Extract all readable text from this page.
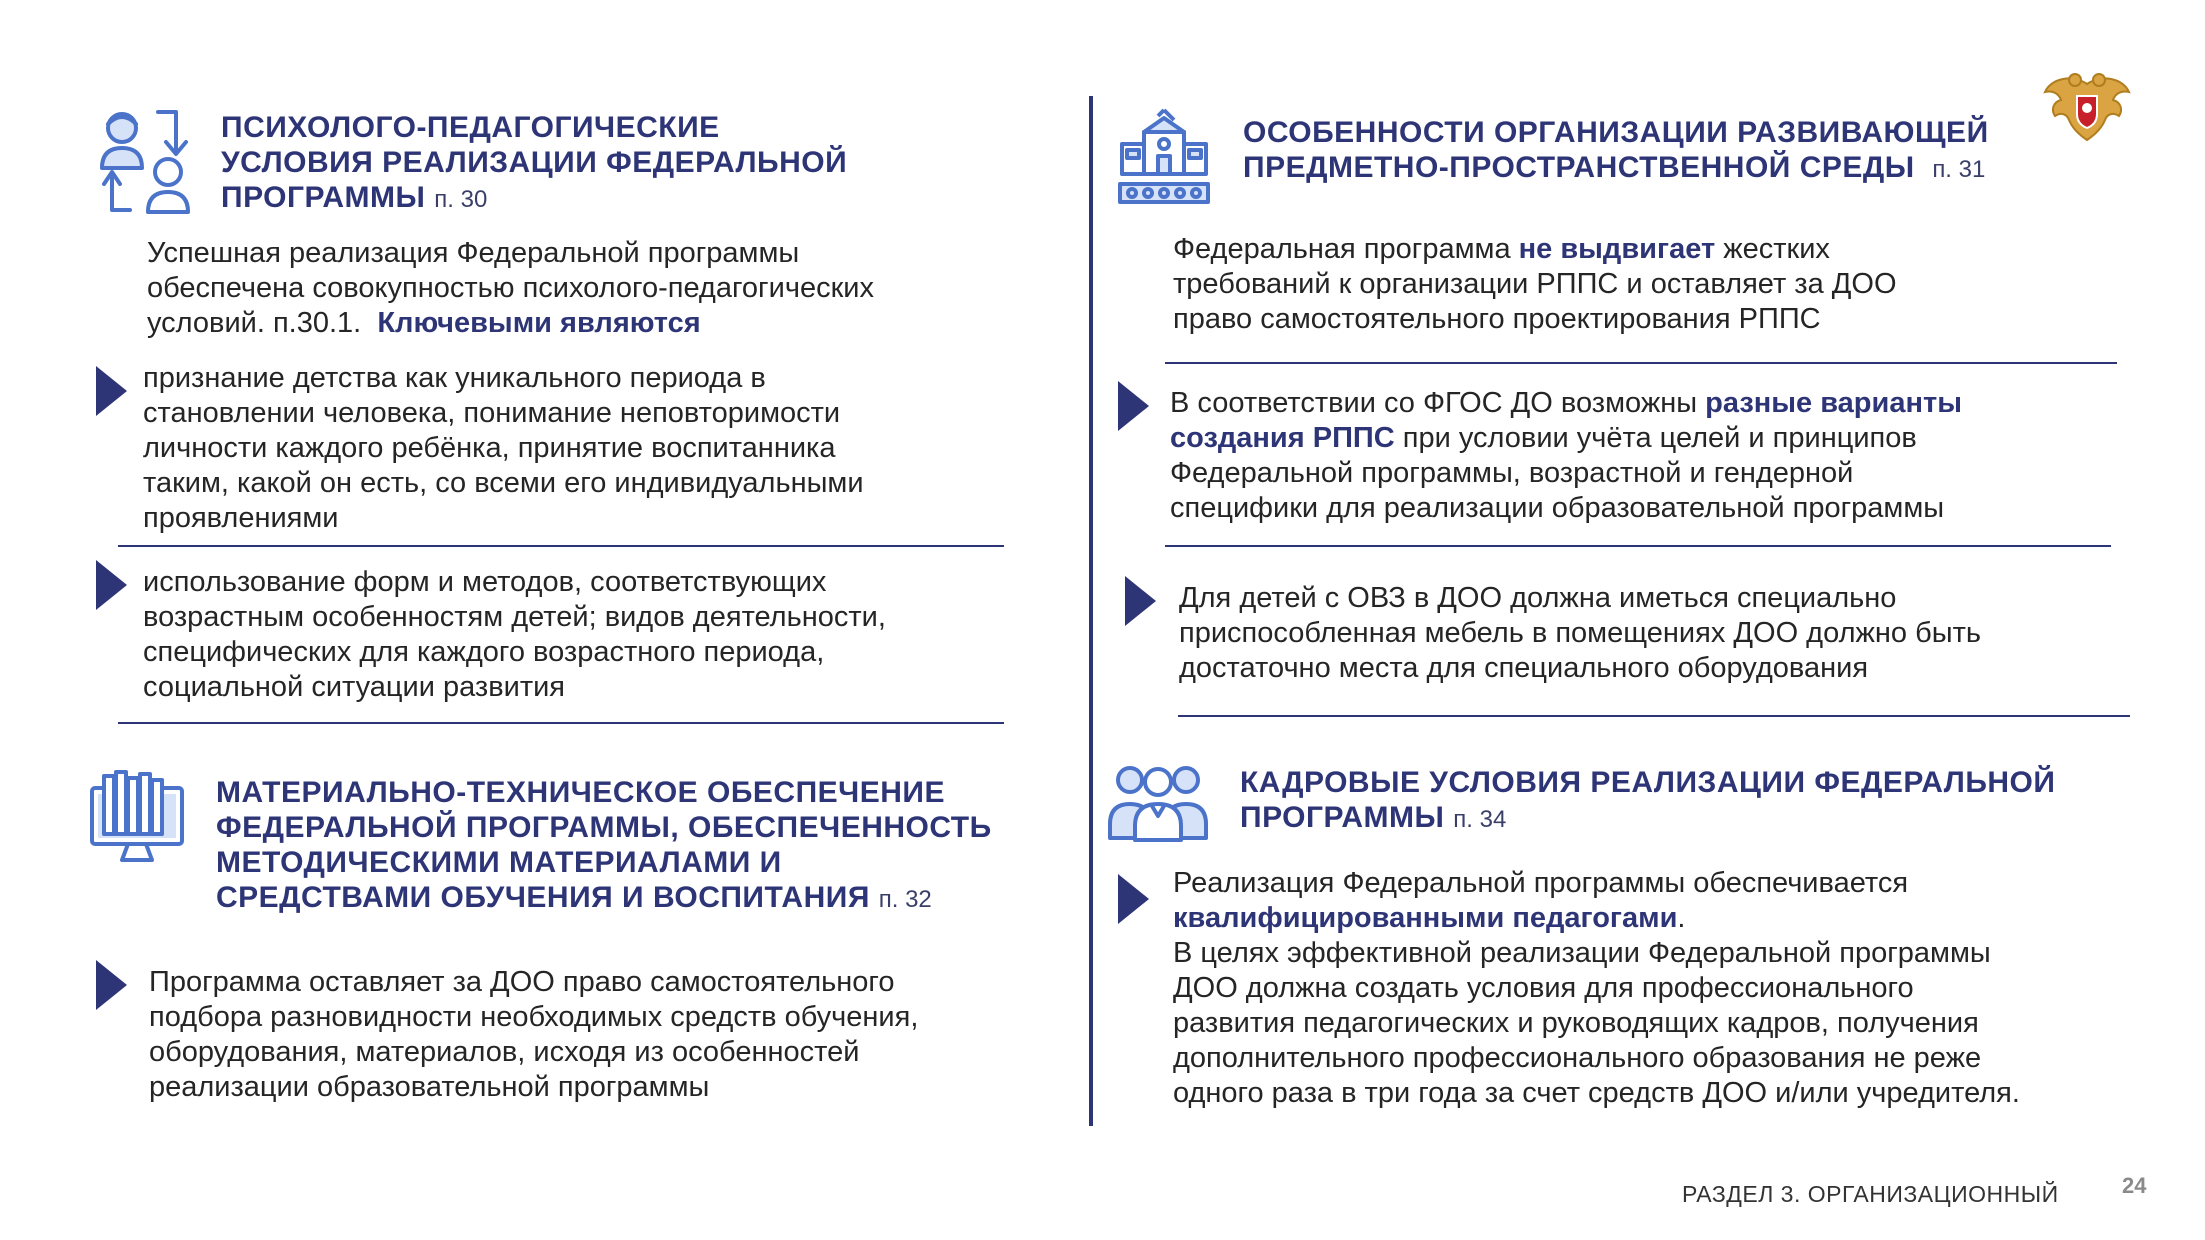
ПСИХОЛОГО-ПЕДАГОГИЧЕСКИЕ
УСЛОВИЯ РЕАЛИЗАЦИИ ФЕДЕРАЛЬНОЙ
ПРОГРАММЫ п. 30

Успешная реализация Федеральной программы
обеспечена совокупностью психолого-педагогических
условий. п.30.1. Ключевыми являются

признание детства как уникального периода в
становлении человека, понимание неповторимости
личности каждого ребёнка, принятие воспитанника
таким, какой он есть, со всеми его индивидуальными
проявлениями

использование форм и методов, соответствующих
возрастным особенностям детей; видов деятельности,
специфических для каждого возрастного периода,
социальной ситуации развития

МАТЕРИАЛЬНО-ТЕХНИЧЕСКОЕ ОБЕСПЕЧЕНИЕ
ФЕДЕРАЛЬНОЙ ПРОГРАММЫ, ОБЕСПЕЧЕННОСТЬ
МЕТОДИЧЕСКИМИ МАТЕРИАЛАМИ И
СРЕДСТВАМИ ОБУЧЕНИЯ И ВОСПИТАНИЯ п. 32

Программа оставляет за ДОО право самостоятельного
подбора разновидности необходимых средств обучения,
оборудования, материалов, исходя из особенностей
реализации образовательной программы

ОСОБЕННОСТИ ОРГАНИЗАЦИИ РАЗВИВАЮЩЕЙ
ПРЕДМЕТНО-ПРОСТРАНСТВЕННОЙ СРЕДЫ п. 31

Федеральная программа не выдвигает жестких
требований к организации РППС и оставляет за ДОО
право самостоятельного проектирования РППС

В соответствии со ФГОС ДО возможны разные варианты
создания РППС при условии учёта целей и принципов
Федеральной программы, возрастной и гендерной
специфики для реализации образовательной программы

Для детей с ОВЗ в ДОО должна иметься специально
приспособленная мебель в помещениях ДОО должно быть
достаточно места для специального оборудования

КАДРОВЫЕ УСЛОВИЯ РЕАЛИЗАЦИИ ФЕДЕРАЛЬНОЙ
ПРОГРАММЫ п. 34

Реализация Федеральной программы обеспечивается
квалифицированными педагогами.
В целях эффективной реализации Федеральной программы
ДОО должна создать условия для профессионального
развития педагогических и руководящих кадров, получения
дополнительного профессионального образования не реже
одного раза в три года за счет средств ДОО и/или учредителя.

РАЗДЕЛ 3. ОРГАНИЗАЦИОННЫЙ	24
